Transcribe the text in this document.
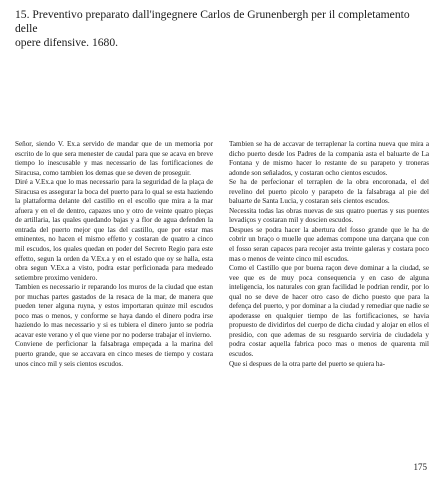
15. Preventivo preparato dall'ingegnere Carlos de Grunenbergh per il completamento delle
opere difensive. 1680.

Señor, siendo V. Ex.a servido de mandar que de un memoria por escrito de lo que sera menester de caudal para que se acava en breve tiempo lo inescusable y mas necessario de las fortificaciones de Siracusa, como tambien los demas que se deven de proseguir.

Diré a V.Ex.a que lo mas necessario para la seguridad de la plaça de Siracusa es assegurar la boca del puerto para lo qual se esta haziendo la plattaforma delante del castillo en el escollo que mira a la mar afuera y en el de dentro, capazes uno y otro de veinte quatro pieças de artillaria, las quales quedando bajas y a flor de agua defenden la entrada del puerto mejor que las del castillo, que por estar mas eminentes, no hacen el mismo effetto y costaran de quatro a cinco mil escudos, los quales quedan en poder del Secreto Regio para este effetto, segun la orden da V.Ex.a y en el estado que oy se halla, esta obra segun V.Ex.a a visto, podra estar perficionada para medeado setiembre proximo venidero.

Tambien es necessario ir reparando los muros de la ciudad que estan por muchas partes gastados de la resaca de la mar, de manera que pueden tener alguna ruyna, y estos importaran quinze mil escudos poco mas o menos, y conforme se haya dando el dinero podra irse haziendo lo mas necessario y si es tubiera el dinero junto se podria acavar este verano y el que viene por no poderse trabajar el invierno.

Conviene de perficionar la falsabraga empeçada a la marina del puerto grande, que se accavara en cinco meses de tiempo y costara unos cinco mil y seis cientos escudos.

Tambien se ha de accavar de terraplenar la cortina nueva que mira a dicho puerto desde los Padres de la compania asta el baluarte de La Fontana y de mismo hacer lo restante de su parapeto y troneras adonde son señalados, y costaran ocho cientos escudos.

Se ha de perfecionar el terraplen de la obra encoronada, el del revelino del puerto picolo y parapeto de la falsabraga al pie del baluarte de Santa Lucia, y costaran seis cientos escudos.

Necessita todas las obras nuevas de sus quatro puertas y sus puentes levadiços y costaran mil y doscien escudos.

Despues se podra hacer la abertura del fosso grande que le ha de cobrir un braço o muelle que ademas compone una darçana que con el fosso seran capaces para recojer asta treinte galeras y costara poco mas o menos de veinte cinco mil escudos.

Como el Castillo que por buena raçon deve dominar a la ciudad, se vee que es de muy poca consequencia y en caso de alguna inteligencia, los naturales con gran facilidad le podrian rendir, por lo qual no se deve de hacer otro caso de dicho puesto que para la defença del puerto, y por dominar a la ciudad y remediar que nadie se apoderasse en qualquier tiempo de las fortificaciones, se havia propuesto de dividirlos del cuerpo de dicha ciudad y alojar en ellos el presidio, con que ademas de su resguardo serviria de ciudadela y podra costar aquella fabrica poco mas o menos de quarenta mil escudos.

Que si despues de la otra parte del puerto se quiera ha-

175
